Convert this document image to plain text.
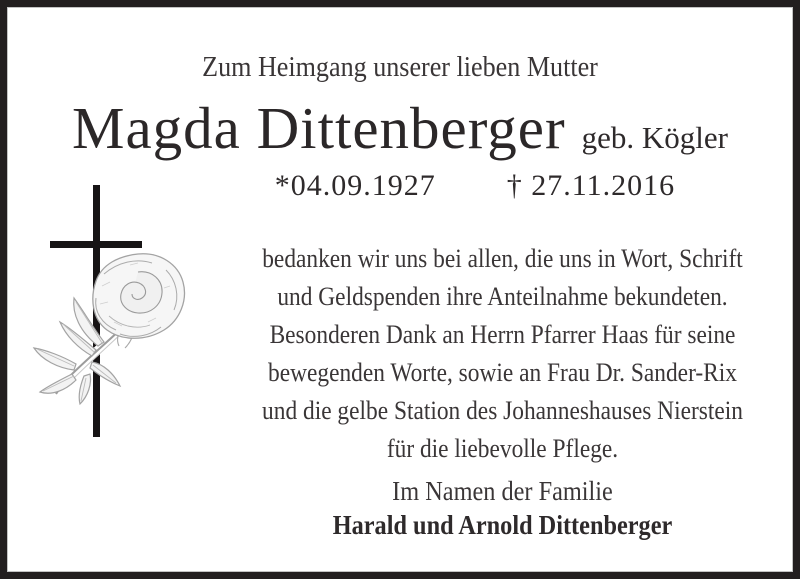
Zum Heimgang unserer lieben Mutter
Magda Dittenberger geb. Kögler
*04.09.1927 † 27.11.2016
bedanken wir uns bei allen, die uns in Wort, Schrift
und Geldspenden ihre Anteilnahme bekundeten.
Besonderen Dank an Herrn Pfarrer Haas für seine
bewegenden Worte, sowie an Frau Dr. Sander-Rix
und die gelbe Station des Johanneshauses Nierstein
für die liebevolle Pflege.
Im Namen der Familie
Harald und Arnold Dittenberger
